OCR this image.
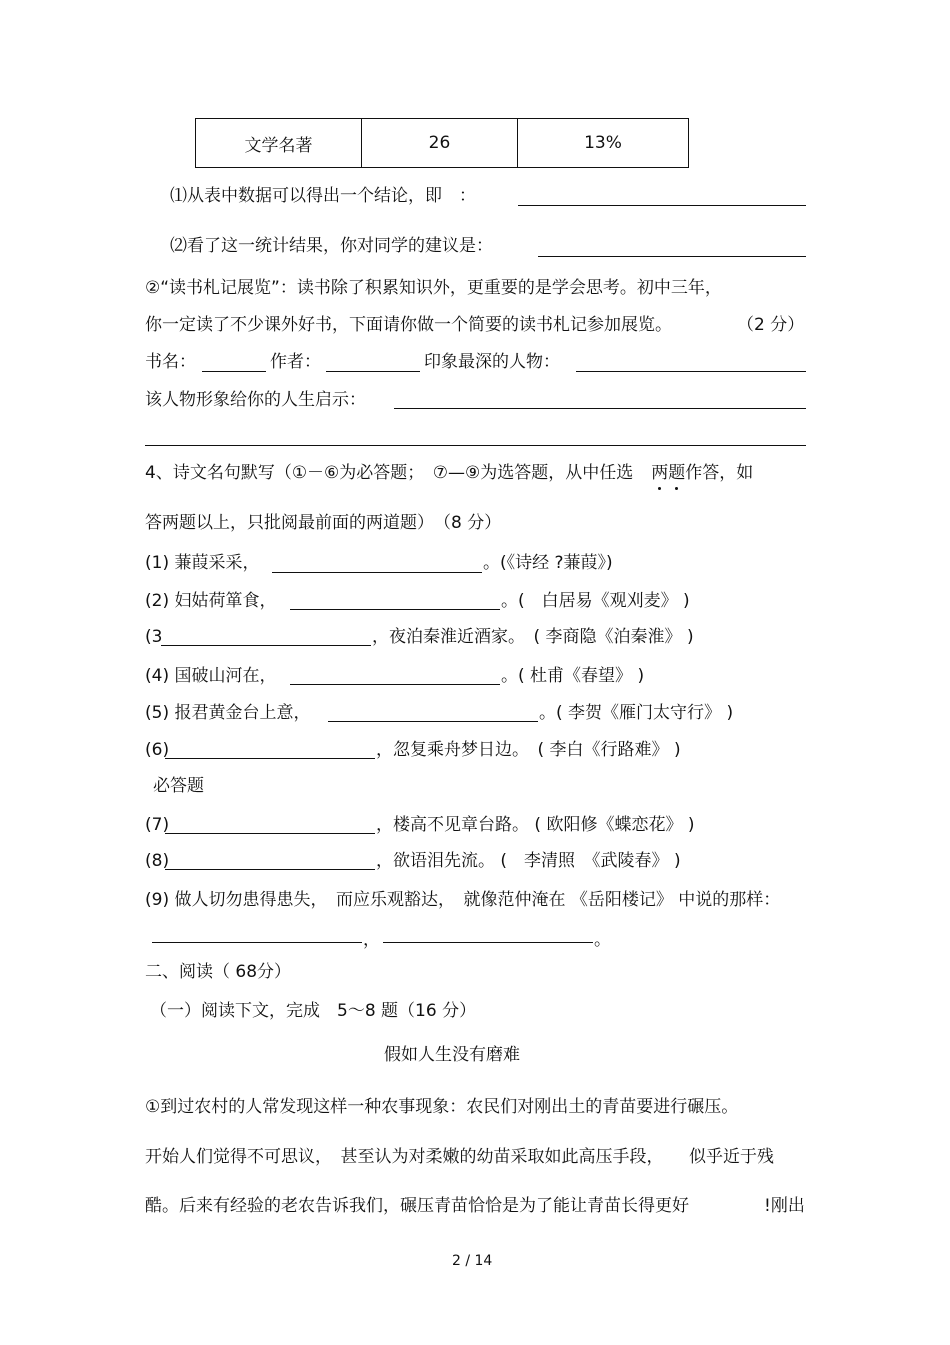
文学名著	26	13%
⑴从表中数据可以得出一个结论，即　：
⑵看了这一统计结果，你对同学的建议是：
②“读书札记展览”：读书除了积累知识外，更重要的是学会思考。初中三年，
你一定读了不少课外好书，下面请你做一个简要的读书札记参加展览。	（2 分）
书名：	作者：	印象最深的人物：
该人物形象给你的人生启示：
4、诗文名句默写（①－⑥为必答题；　⑦—⑨为选答题，从中任选 两题作答，如
答两题以上，只批阅最前面的两道题）　（8 分）
(1) 蒹葭采采，	。(《诗经 ?蒹葭》)
(2) 妇姑荷箪食，	。(　白居易《观刈麦》 )
(3	，夜泊秦淮近酒家。　( 李商隐《泊秦淮》 )
(4) 国破山河在，	。( 杜甫《春望》 )
(5) 报君黄金台上意，	。( 李贺《雁门太守行》 )
(6)	，忽复乘舟梦日边。　( 李白《行路难》 )
必答题
(7)	，楼高不见章台路。 ( 欧阳修《蝶恋花》 )
(8)	，欲语泪先流。 (　李清照　《武陵春》 )
(9) 做人切勿患得患失，　而应乐观豁达，　就像范仲淹在 《岳阳楼记》 中说的那样：
，	。
二、阅读（ 68分）
（一）阅读下文，完成　5～8 题（16 分）
假如人生没有磨难
①到过农村的人常发现这样一种农事现象：农民们对刚出土的青苗要进行碾压。
开始人们觉得不可思议，　甚至认为对柔嫩的幼苗采取如此高压手段，　　似乎近于残
酷。后来有经验的老农告诉我们，碾压青苗恰恰是为了能让青苗长得更好	!刚出
2 / 14
